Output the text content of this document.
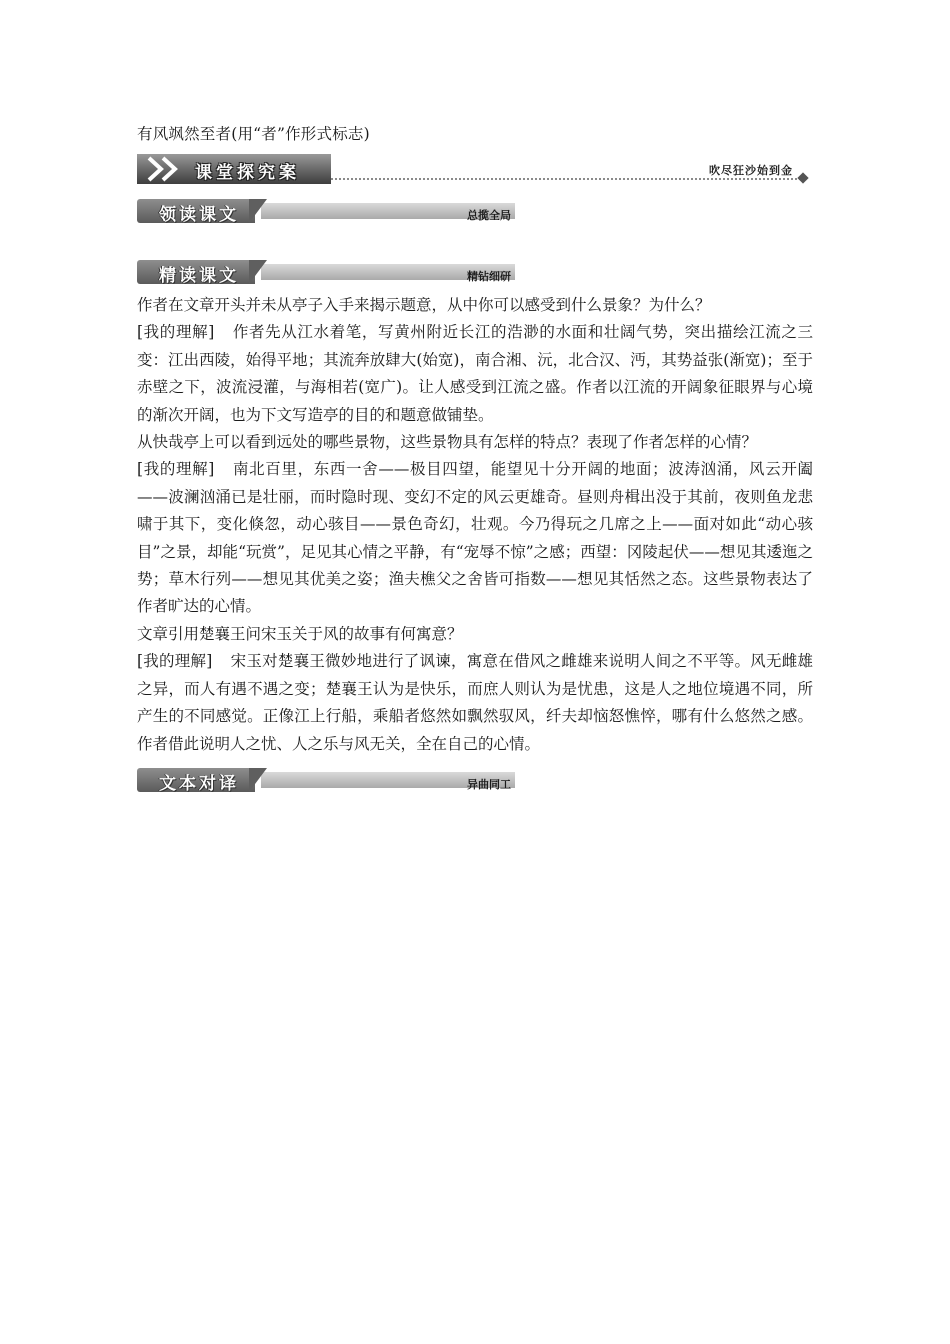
有风飒然至者(用“者”作形式标志)
课堂探究案	吹尽狂沙始到金
总揽全局
领读课文
精钻细研
精读课文

作者在文章开头并未从亭子入手来揭示题意，从中你可以感受到什么景象？为什么？

[我的理解] 作者先从江水着笔，写黄州附近长江的浩渺的水面和壮阔气势，突出描绘江流之三变：江出西陵，始得平地；其流奔放肆大(始宽)，南合湘、沅，北合汉、沔，其势益张(渐宽)；至于赤壁之下，波流浸灌，与海相若(宽广)。让人感受到江流之盛。作者以江流的开阔象征眼界与心境的渐次开阔，也为下文写造亭的目的和题意做铺垫。

从快哉亭上可以看到远处的哪些景物，这些景物具有怎样的特点？表现了作者怎样的心情？

[我的理解] 南北百里，东西一舍——极目四望，能望见十分开阔的地面；波涛汹涌，风云开阖——波澜汹涌已是壮丽，而时隐时现、变幻不定的风云更雄奇。昼则舟楫出没于其前，夜则鱼龙悲啸于其下，变化倏忽，动心骇目——景色奇幻，壮观。今乃得玩之几席之上——面对如此“动心骇目”之景，却能“玩赏”，足见其心情之平静，有“宠辱不惊”之感；西望：冈陵起伏——想见其逶迤之势；草木行列——想见其优美之姿；渔夫樵父之舍皆可指数——想见其恬然之态。这些景物表达了作者旷达的心情。

文章引用楚襄王问宋玉关于风的故事有何寓意？

[我的理解] 宋玉对楚襄王微妙地进行了讽谏，寓意在借风之雌雄来说明人间之不平等。风无雌雄之异，而人有遇不遇之变；楚襄王认为是快乐，而庶人则认为是忧患，这是人之地位境遇不同，所产生的不同感觉。正像江上行船，乘船者悠然如飘然驭风，纤夫却恼怒憔悴，哪有什么悠然之感。作者借此说明人之忧、人之乐与风无关，全在自己的心情。

异曲同工
文本对译
